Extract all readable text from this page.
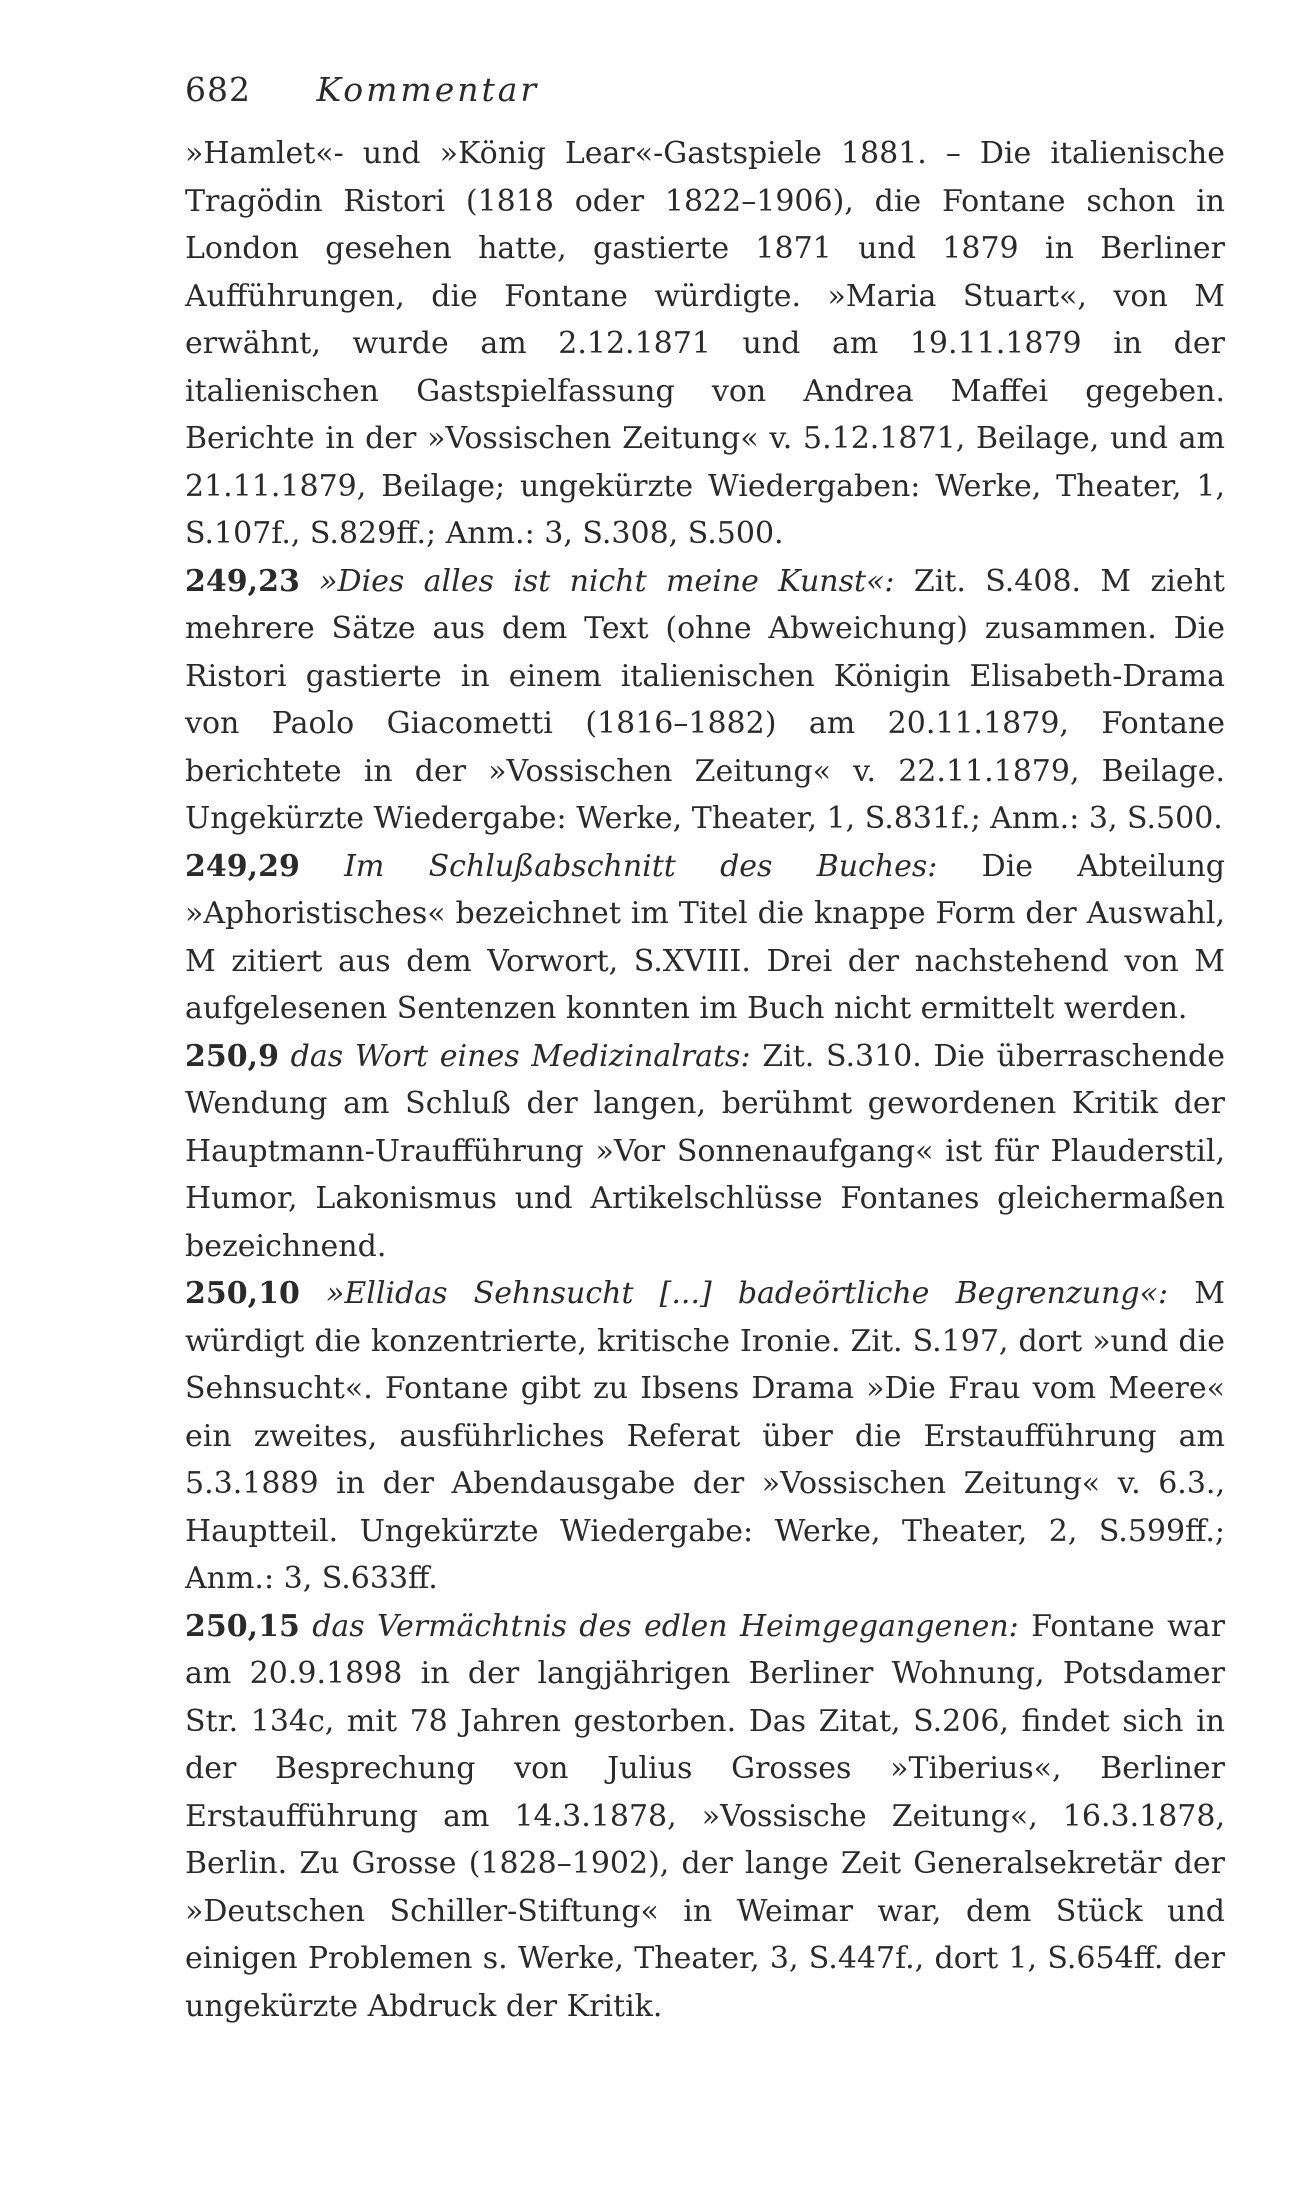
682 Kommentar

»Hamlet«- und »König Lear«-Gastspiele 1881. – Die italienische Tragödin Ristori (1818 oder 1822–1906), die Fontane schon in London gesehen hatte, gastierte 1871 und 1879 in Berliner Aufführungen, die Fontane würdigte. »Maria Stuart«, von M erwähnt, wurde am 2.12.1871 und am 19.11.1879 in der italienischen Gastspielfassung von Andrea Maffei gegeben. Berichte in der »Vossischen Zeitung« v. 5.12.1871, Beilage, und am 21.11.1879, Beilage; ungekürzte Wiedergaben: Werke, Theater, 1, S.107f., S.829ff.; Anm.: 3, S.308, S.500.

249,23 »Dies alles ist nicht meine Kunst«: Zit. S.408. M zieht mehrere Sätze aus dem Text (ohne Abweichung) zusammen. Die Ristori gastierte in einem italienischen Königin Elisabeth-Drama von Paolo Giacometti (1816–1882) am 20.11.1879, Fontane berichtete in der »Vossischen Zeitung« v. 22.11.1879, Beilage. Ungekürzte Wiedergabe: Werke, Theater, 1, S.831f.; Anm.: 3, S.500.

249,29 Im Schlußabschnitt des Buches: Die Abteilung »Aphoristisches« bezeichnet im Titel die knappe Form der Auswahl, M zitiert aus dem Vorwort, S.XVIII. Drei der nachstehend von M aufgelesenen Sentenzen konnten im Buch nicht ermittelt werden.

250,9 das Wort eines Medizinalrats: Zit. S.310. Die überraschende Wendung am Schluß der langen, berühmt gewordenen Kritik der Hauptmann-Uraufführung »Vor Sonnenaufgang« ist für Plauderstil, Humor, Lakonismus und Artikelschlüsse Fontanes gleichermaßen bezeichnend.

250,10 »Ellidas Sehnsucht [...] badeörtliche Begrenzung«: M würdigt die konzentrierte, kritische Ironie. Zit. S.197, dort »und die Sehnsucht«. Fontane gibt zu Ibsens Drama »Die Frau vom Meere« ein zweites, ausführliches Referat über die Erstaufführung am 5.3.1889 in der Abendausgabe der »Vossischen Zeitung« v. 6.3., Hauptteil. Ungekürzte Wiedergabe: Werke, Theater, 2, S.599ff.; Anm.: 3, S.633ff.

250,15 das Vermächtnis des edlen Heimgegangenen: Fontane war am 20.9.1898 in der langjährigen Berliner Wohnung, Potsdamer Str. 134c, mit 78 Jahren gestorben. Das Zitat, S.206, findet sich in der Besprechung von Julius Grosses »Tiberius«, Berliner Erstaufführung am 14.3.1878, »Vossische Zeitung«, 16.3.1878, Berlin. Zu Grosse (1828–1902), der lange Zeit Generalsekretär der »Deutschen Schiller-Stiftung« in Weimar war, dem Stück und einigen Problemen s. Werke, Theater, 3, S.447f., dort 1, S.654ff. der ungekürzte Abdruck der Kritik.
